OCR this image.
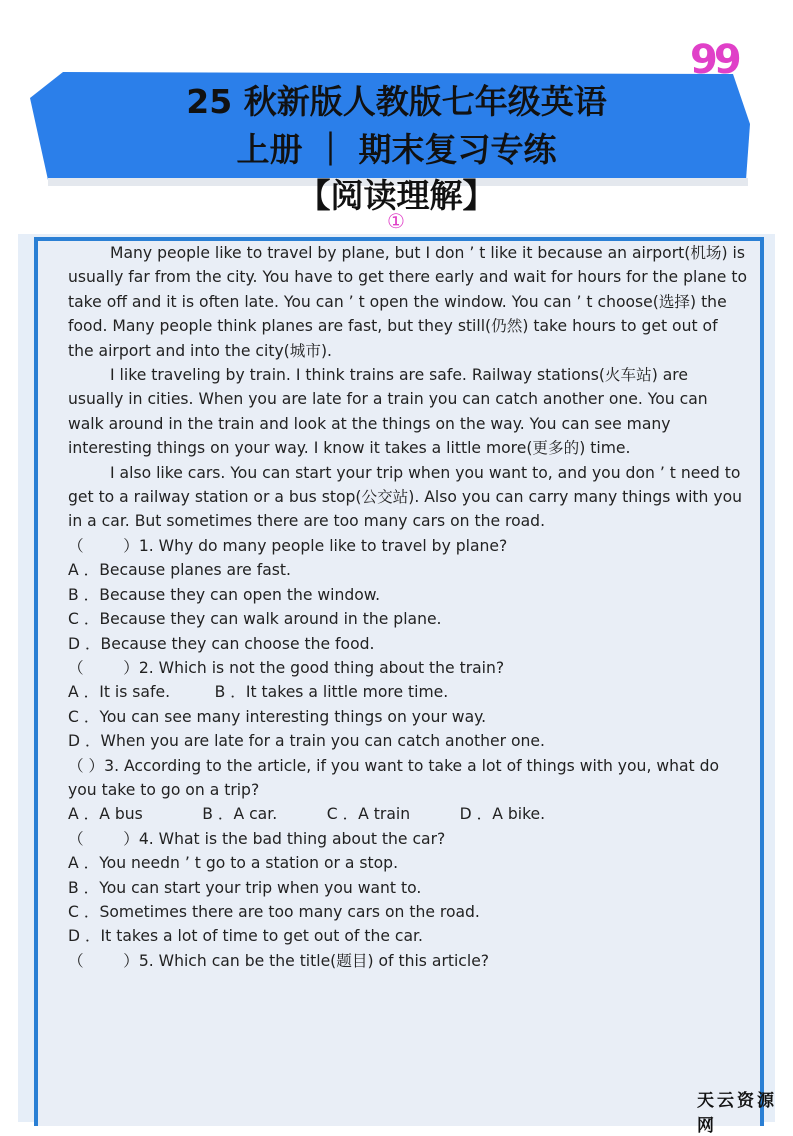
99
25 秋新版人教版七年级英语
上册 ｜ 期末复习专练
【阅读理解】
①

Many people like to travel by plane, but I don ’ t like it because an airport(机场) is usually far from the city. You have to get there early and wait for hours for the plane to take off and it is often late. You can ’ t open the window. You can ’ t choose(选择) the food. Many people think planes are fast, but they still(仍然) take hours to get out of the airport and into the city(城市).

I like traveling by train. I think trains are safe. Railway stations(火车站) are usually in cities. When you are late for a train you can catch another one. You can walk around in the train and look at the things on the way. You can see many interesting things on your way. I know it takes a little more(更多的) time.

I also like cars. You can start your trip when you want to, and you don ’ t need to get to a railway station or a bus stop(公交站). Also you can carry many things with you in a car. But sometimes there are too many cars on the road.

（        ）1. Why do many people like to travel by plane?

A ．Because planes are fast.

B ．Because they can open the window.

C ．Because they can walk around in the plane.

D ．Because they can choose the food.

（        ）2. Which is not the good thing about the train?

A ．It is safe.         B ．It takes a little more time.

C ．You can see many interesting things on your way.

D ．When you are late for a train you can catch another one.

（ ）3. According to the article, if you want to take a lot of things with you, what do you take to go on a trip?

A ．A bus            B ．A car.          C ．A train          D ．A bike.

（        ）4. What is the bad thing about the car?

A ．You needn ’ t go to a station or a stop.

B ．You can start your trip when you want to.

C ．Sometimes there are too many cars on the road.

D ．It takes a lot of time to get out of the car.

（        ）5. Which can be the title(题目) of this article?

天云资源网
